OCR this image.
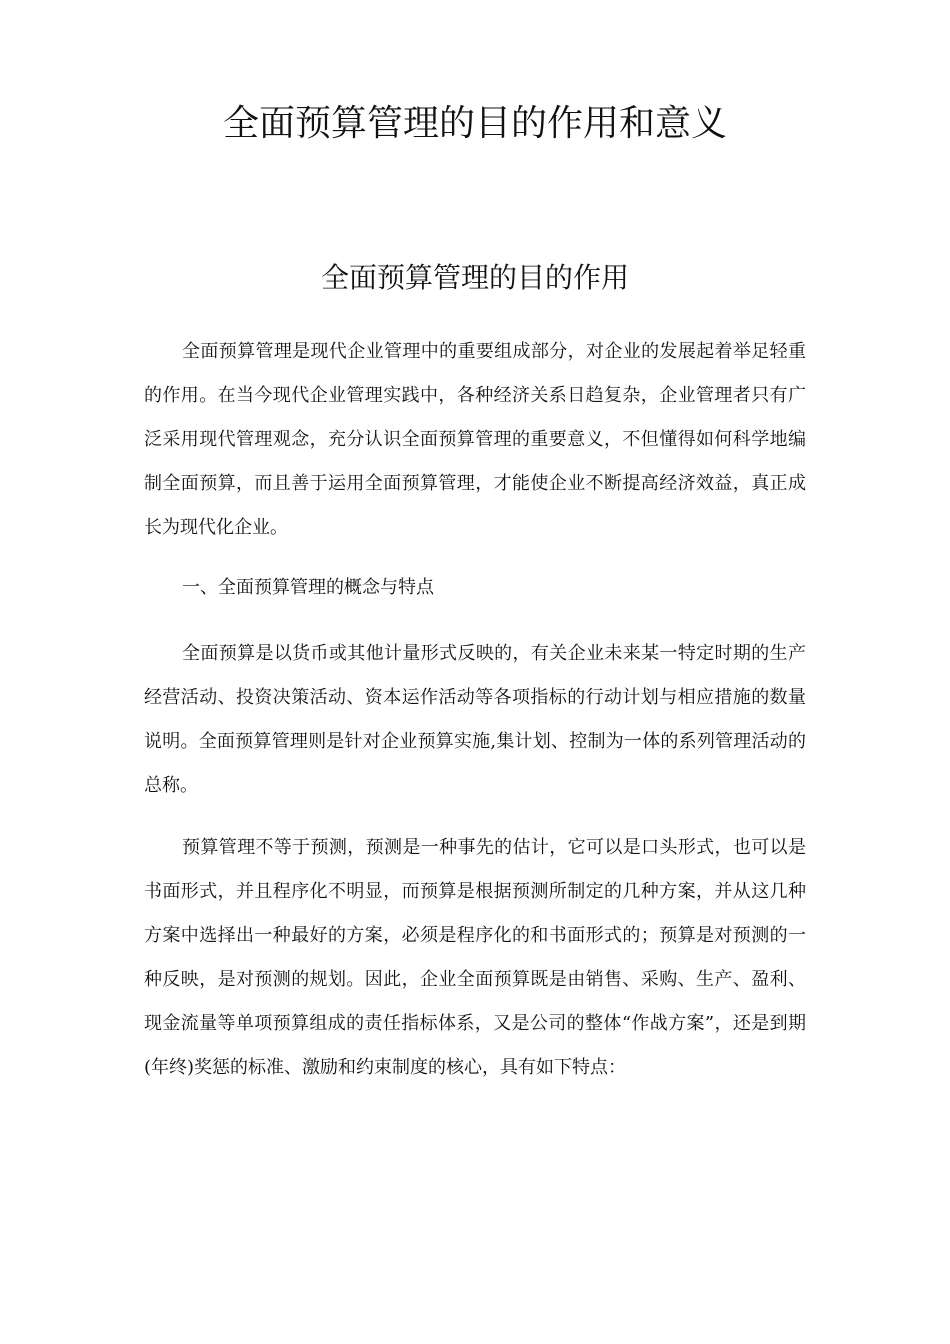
全面预算管理的目的作用和意义
全面预算管理的目的作用

全面预算管理是现代企业管理中的重要组成部分，对企业的发展起着举足轻重的作用。在当今现代企业管理实践中，各种经济关系日趋复杂，企业管理者只有广泛采用现代管理观念，充分认识全面预算管理的重要意义，不但懂得如何科学地编制全面预算，而且善于运用全面预算管理，才能使企业不断提高经济效益，真正成长为现代化企业。

一、全面预算管理的概念与特点

全面预算是以货币或其他计量形式反映的，有关企业未来某一特定时期的生产经营活动、投资决策活动、资本运作活动等各项指标的行动计划与相应措施的数量说明。全面预算管理则是针对企业预算实施,集计划、控制为一体的系列管理活动的总称。

预算管理不等于预测，预测是一种事先的估计，它可以是口头形式，也可以是书面形式，并且程序化不明显，而预算是根据预测所制定的几种方案，并从这几种方案中选择出一种最好的方案，必须是程序化的和书面形式的；预算是对预测的一种反映，是对预测的规划。因此，企业全面预算既是由销售、采购、生产、盈利、现金流量等单项预算组成的责任指标体系，又是公司的整体“作战方案”，还是到期(年终)奖惩的标准、激励和约束制度的核心，具有如下特点：
